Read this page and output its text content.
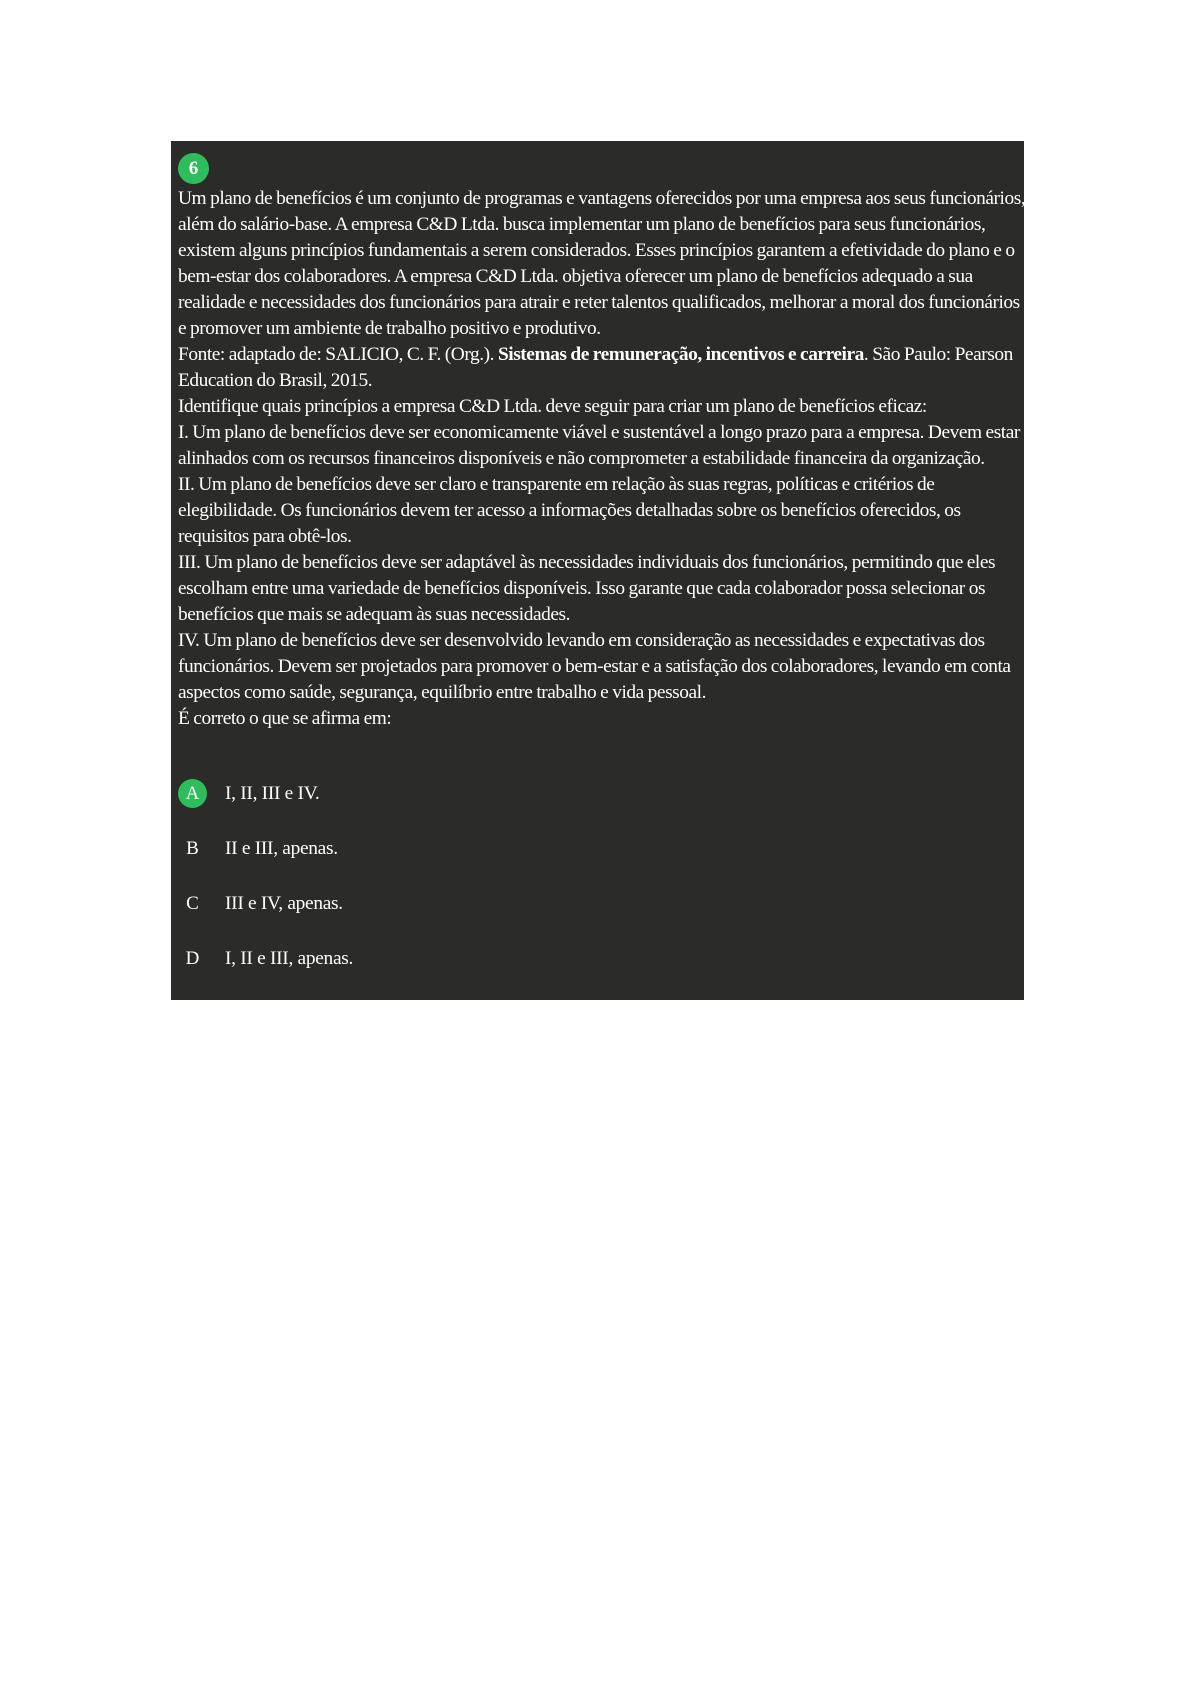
6

Um plano de benefícios é um conjunto de programas e vantagens oferecidos por uma empresa aos seus funcionários, além do salário-base. A empresa C&D Ltda. busca implementar um plano de benefícios para seus funcionários, existem alguns princípios fundamentais a serem considerados. Esses princípios garantem a efetividade do plano e o bem-estar dos colaboradores. A empresa C&D Ltda. objetiva oferecer um plano de benefícios adequado a sua realidade e necessidades dos funcionários para atrair e reter talentos qualificados, melhorar a moral dos funcionários e promover um ambiente de trabalho positivo e produtivo.

Fonte: adaptado de: SALICIO, C. F. (Org.). Sistemas de remuneração, incentivos e carreira. São Paulo: Pearson Education do Brasil, 2015.

Identifique quais princípios a empresa C&D Ltda. deve seguir para criar um plano de benefícios eficaz:

I. Um plano de benefícios deve ser economicamente viável e sustentável a longo prazo para a empresa. Devem estar alinhados com os recursos financeiros disponíveis e não comprometer a estabilidade financeira da organização.

II. Um plano de benefícios deve ser claro e transparente em relação às suas regras, políticas e critérios de elegibilidade. Os funcionários devem ter acesso a informações detalhadas sobre os benefícios oferecidos, os requisitos para obtê-los.

III. Um plano de benefícios deve ser adaptável às necessidades individuais dos funcionários, permitindo que eles escolham entre uma variedade de benefícios disponíveis. Isso garante que cada colaborador possa selecionar os benefícios que mais se adequam às suas necessidades.

IV. Um plano de benefícios deve ser desenvolvido levando em consideração as necessidades e expectativas dos funcionários. Devem ser projetados para promover o bem-estar e a satisfação dos colaboradores, levando em conta aspectos como saúde, segurança, equilíbrio entre trabalho e vida pessoal.

É correto o que se afirma em:

A	I, II, III e IV.
B	II e III, apenas.
C	III e IV, apenas.
D	I, II e III, apenas.
